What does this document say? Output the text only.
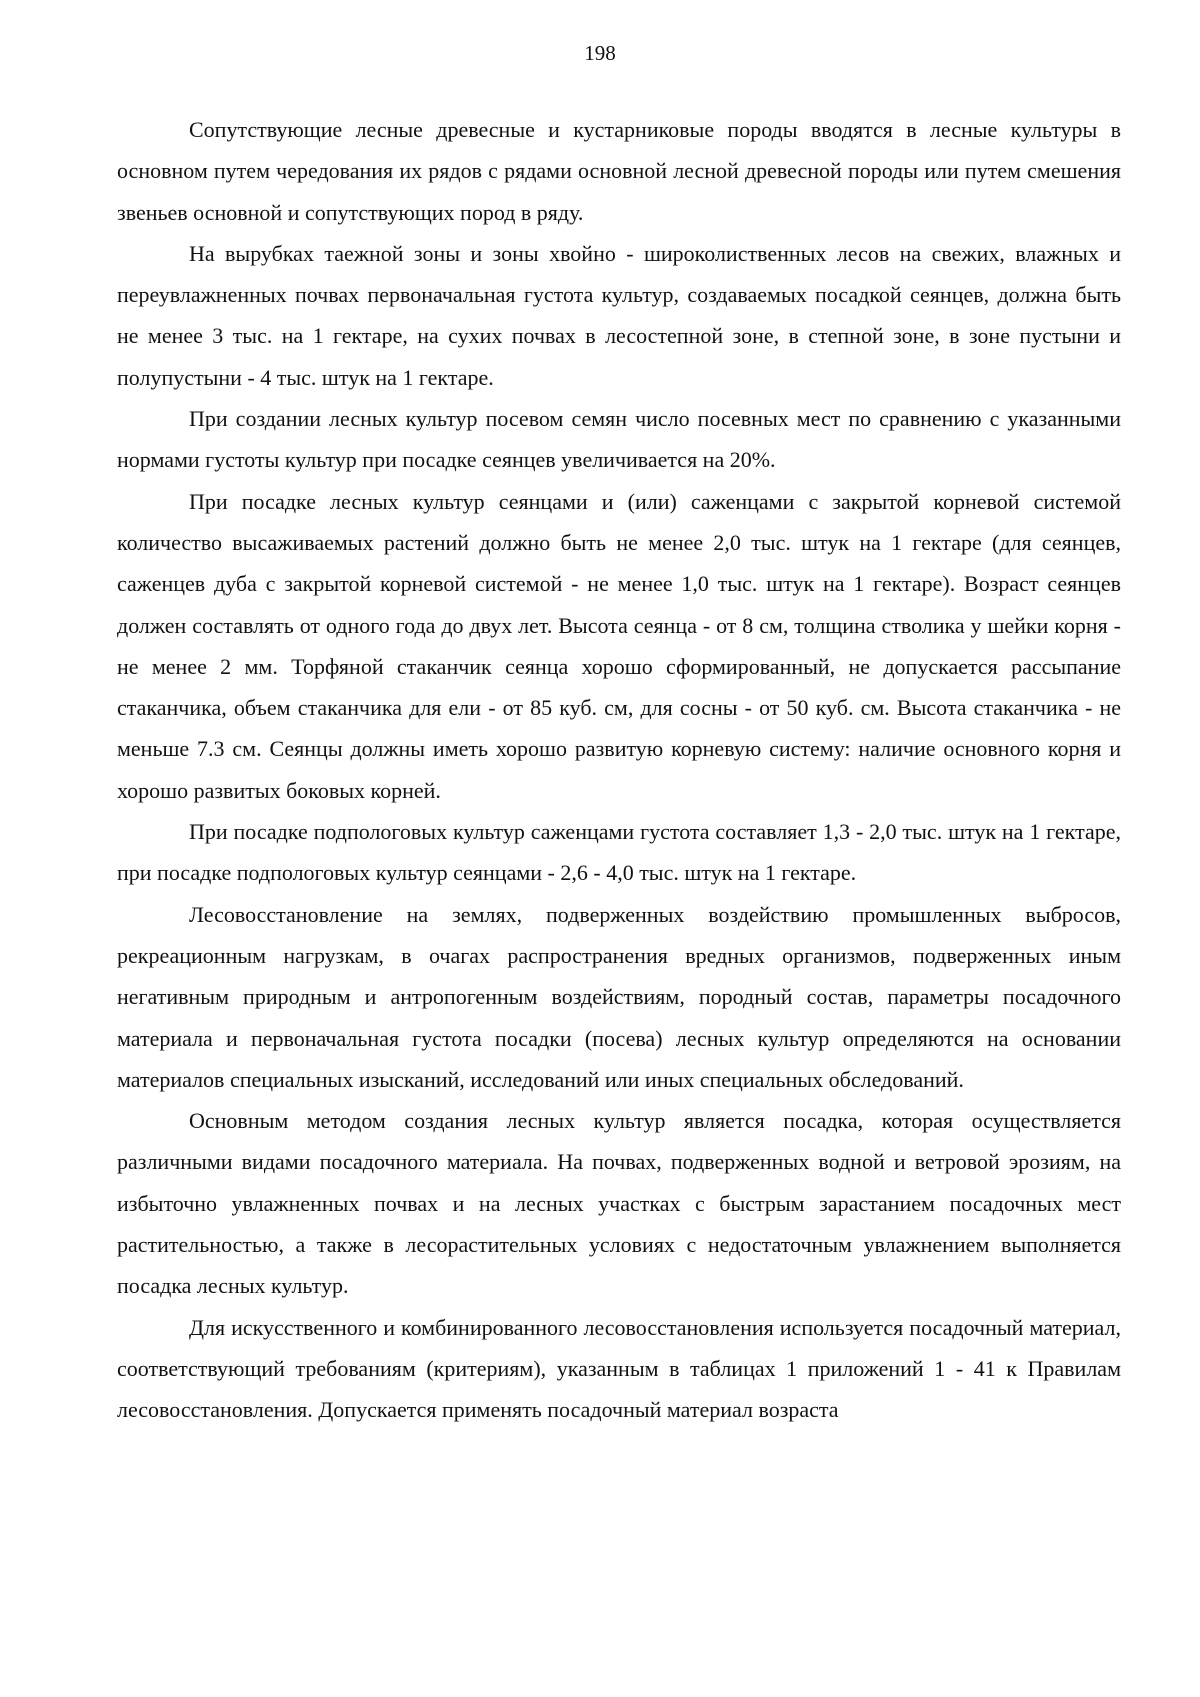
198

Сопутствующие лесные древесные и кустарниковые породы вводятся в лесные культуры в основном путем чередования их рядов с рядами основной лесной древесной породы или путем смешения звеньев основной и сопутствующих пород в ряду.

На вырубках таежной зоны и зоны хвойно - широколиственных лесов на свежих, влажных и переувлажненных почвах первоначальная густота культур, создаваемых посадкой сеянцев, должна быть не менее 3 тыс. на 1 гектаре, на сухих почвах в лесостепной зоне, в степной зоне, в зоне пустыни и полупустыни - 4 тыс. штук на 1 гектаре.

При создании лесных культур посевом семян число посевных мест по сравнению с указанными нормами густоты культур при посадке сеянцев увеличивается на 20%.

При посадке лесных культур сеянцами и (или) саженцами с закрытой корневой системой количество высаживаемых растений должно быть не менее 2,0 тыс. штук на 1 гектаре (для сеянцев, саженцев дуба с закрытой корневой системой - не менее 1,0 тыс. штук на 1 гектаре). Возраст сеянцев должен составлять от одного года до двух лет. Высота сеянца - от 8 см, толщина стволика у шейки корня - не менее 2 мм. Торфяной стаканчик сеянца хорошо сформированный, не допускается рассыпание стаканчика, объем стаканчика для ели - от 85 куб. см, для сосны - от 50 куб. см. Высота стаканчика - не меньше 7.3 см. Сеянцы должны иметь хорошо развитую корневую систему: наличие основного корня и хорошо развитых боковых корней.

При посадке подпологовых культур саженцами густота составляет 1,3 - 2,0 тыс. штук на 1 гектаре, при посадке подпологовых культур сеянцами - 2,6 - 4,0 тыс. штук на 1 гектаре.

Лесовосстановление на землях, подверженных воздействию промышленных выбросов, рекреационным нагрузкам, в очагах распространения вредных организмов, подверженных иным негативным природным и антропогенным воздействиям, породный состав, параметры посадочного материала и первоначальная густота посадки (посева) лесных культур определяются на основании материалов специальных изысканий, исследований или иных специальных обследований.

Основным методом создания лесных культур является посадка, которая осуществляется различными видами посадочного материала. На почвах, подверженных водной и ветровой эрозиям, на избыточно увлажненных почвах и на лесных участках с быстрым зарастанием посадочных мест растительностью, а также в лесорастительных условиях с недостаточным увлажнением выполняется посадка лесных культур.

Для искусственного и комбинированного лесовосстановления используется посадочный материал, соответствующий требованиям (критериям), указанным в таблицах 1 приложений 1 - 41 к Правилам лесовосстановления. Допускается применять посадочный материал возраста
